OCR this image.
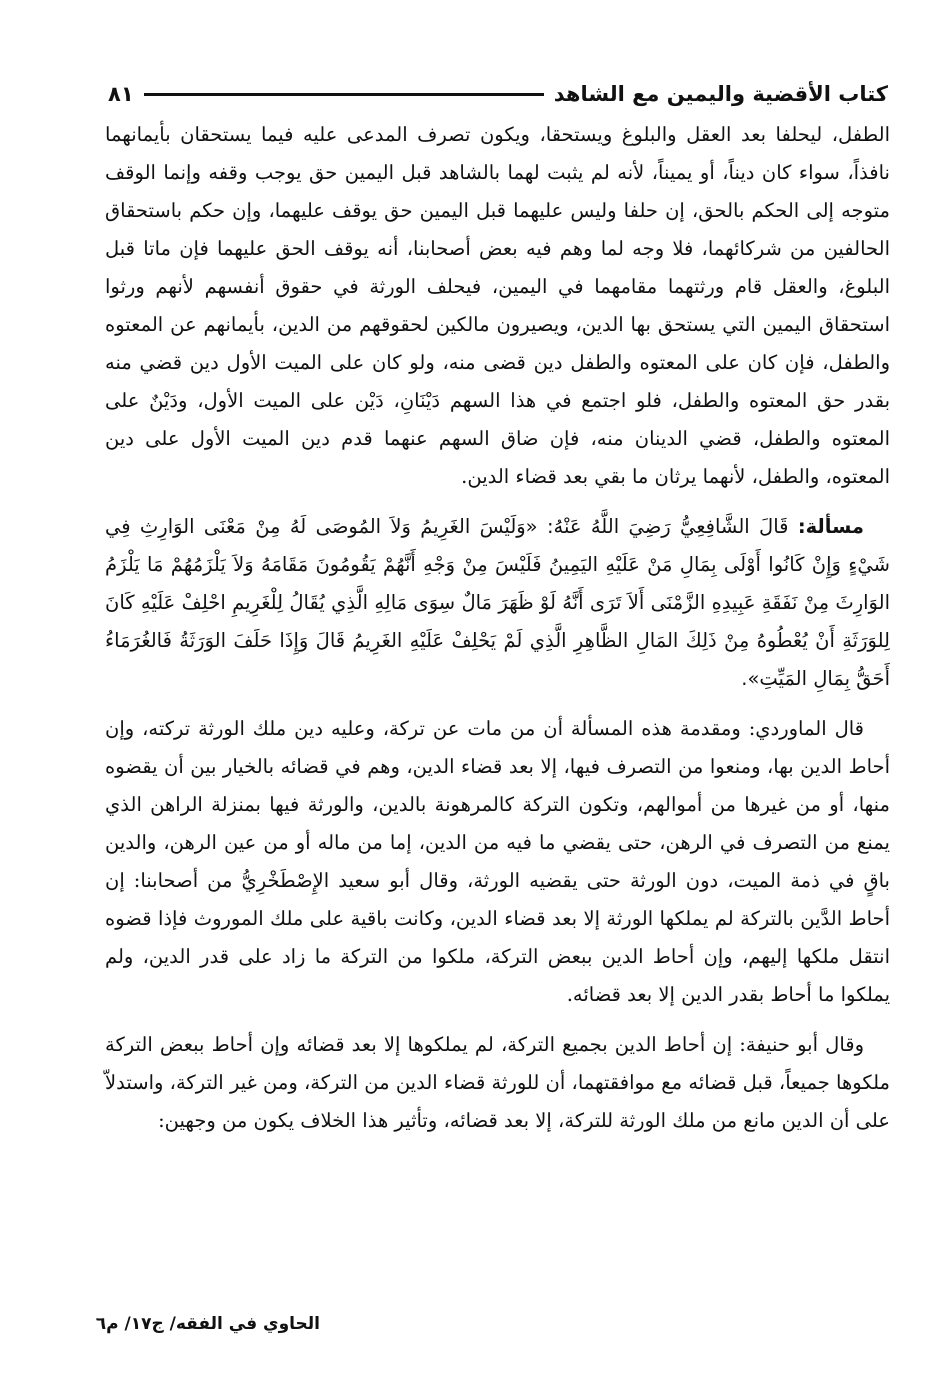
كتاب الأقضية واليمين مع الشاهد
٨١

الطفل، ليحلفا بعد العقل والبلوغ ويستحقا، ويكون تصرف المدعى عليه فيما يستحقان بأيمانهما نافذاً، سواء كان ديناً، أو يميناً، لأنه لم يثبت لهما بالشاهد قبل اليمين حق يوجب وقفه وإنما الوقف متوجه إلى الحكم بالحق، إن حلفا وليس عليهما قبل اليمين حق يوقف عليهما، وإن حكم باستحقاق الحالفين من شركائهما، فلا وجه لما وهم فيه بعض أصحابنا، أنه يوقف الحق عليهما فإن ماتا قبل البلوغ، والعقل قام ورثتهما مقامهما في اليمين، فيحلف الورثة في حقوق أنفسهم لأنهم ورثوا استحقاق اليمين التي يستحق بها الدين، ويصيرون مالكين لحقوقهم من الدين، بأيمانهم عن المعتوه والطفل، فإن كان على المعتوه والطفل دين قضى منه، ولو كان على الميت الأول دين قضي منه بقدر حق المعتوه والطفل، فلو اجتمع في هذا السهم دَيْنَانِ، دَيْن على الميت الأول، ودَيْنٌ على المعتوه والطفل، قضي الدينان منه، فإن ضاق السهم عنهما قدم دين الميت الأول على دين المعتوه، والطفل، لأنهما يرثان ما بقي بعد قضاء الدين.

مسألة: قَالَ الشَّافِعِيُّ رَضِيَ اللَّهُ عَنْهُ: «وَلَيْسَ الغَرِيمُ وَلاَ المُوصَى لَهُ مِنْ مَعْنَى الوَارِثِ فِي شَيْءٍ وَإِنْ كَانُوا أَوْلَى بِمَالِ مَنْ عَلَيْهِ اليَمِينُ فَلَيْسَ مِنْ وَجْهِ أَنَّهُمْ يَقُومُونَ مَقَامَهُ وَلاَ يَلْزَمُهُمْ مَا يَلْزَمُ الوَارِثَ مِنْ نَفَقَةِ عَبِيدِهِ الزَّمْنَى أَلاَ تَرَى أَنَّهُ لَوْ ظَهَرَ مَالٌ سِوَى مَالِهِ الَّذِي يُقَالُ لِلْغَرِيمِ احْلِفْ عَلَيْهِ كَانَ لِلوَرَثَةِ أَنْ يُعْطُوهُ مِنْ ذَلِكَ المَالِ الظَّاهِرِ الَّذِي لَمْ يَحْلِفْ عَلَيْهِ الغَرِيمُ قَالَ وَإِذَا حَلَفَ الوَرَثَةُ فَالغُرَمَاءُ أَحَقُّ بِمَالِ المَيِّتِ».

قال الماوردي: ومقدمة هذه المسألة أن من مات عن تركة، وعليه دين ملك الورثة تركته، وإن أحاط الدين بها، ومنعوا من التصرف فيها، إلا بعد قضاء الدين، وهم في قضائه بالخيار بين أن يقضوه منها، أو من غيرها من أموالهم، وتكون التركة كالمرهونة بالدين، والورثة فيها بمنزلة الراهن الذي يمنع من التصرف في الرهن، حتى يقضي ما فيه من الدين، إما من ماله أو من عين الرهن، والدين باقٍ في ذمة الميت، دون الورثة حتى يقضيه الورثة، وقال أبو سعيد الإِصْطَخْرِيُّ من أصحابنا: إن أحاط الدَّين بالتركة لم يملكها الورثة إلا بعد قضاء الدين، وكانت باقية على ملك الموروث فإذا قضوه انتقل ملكها إليهم، وإن أحاط الدين ببعض التركة، ملكوا من التركة ما زاد على قدر الدين، ولم يملكوا ما أحاط بقدر الدين إلا بعد قضائه.

وقال أبو حنيفة: إن أحاط الدين بجميع التركة، لم يملكوها إلا بعد قضائه وإن أحاط ببعض التركة ملكوها جميعاً، قبل قضائه مع موافقتهما، أن للورثة قضاء الدين من التركة، ومن غير التركة، واستدلاّ على أن الدين مانع من ملك الورثة للتركة، إلا بعد قضائه، وتأثير هذا الخلاف يكون من وجهين:

الحاوي في الفقه/ ج١٧/ م٦
